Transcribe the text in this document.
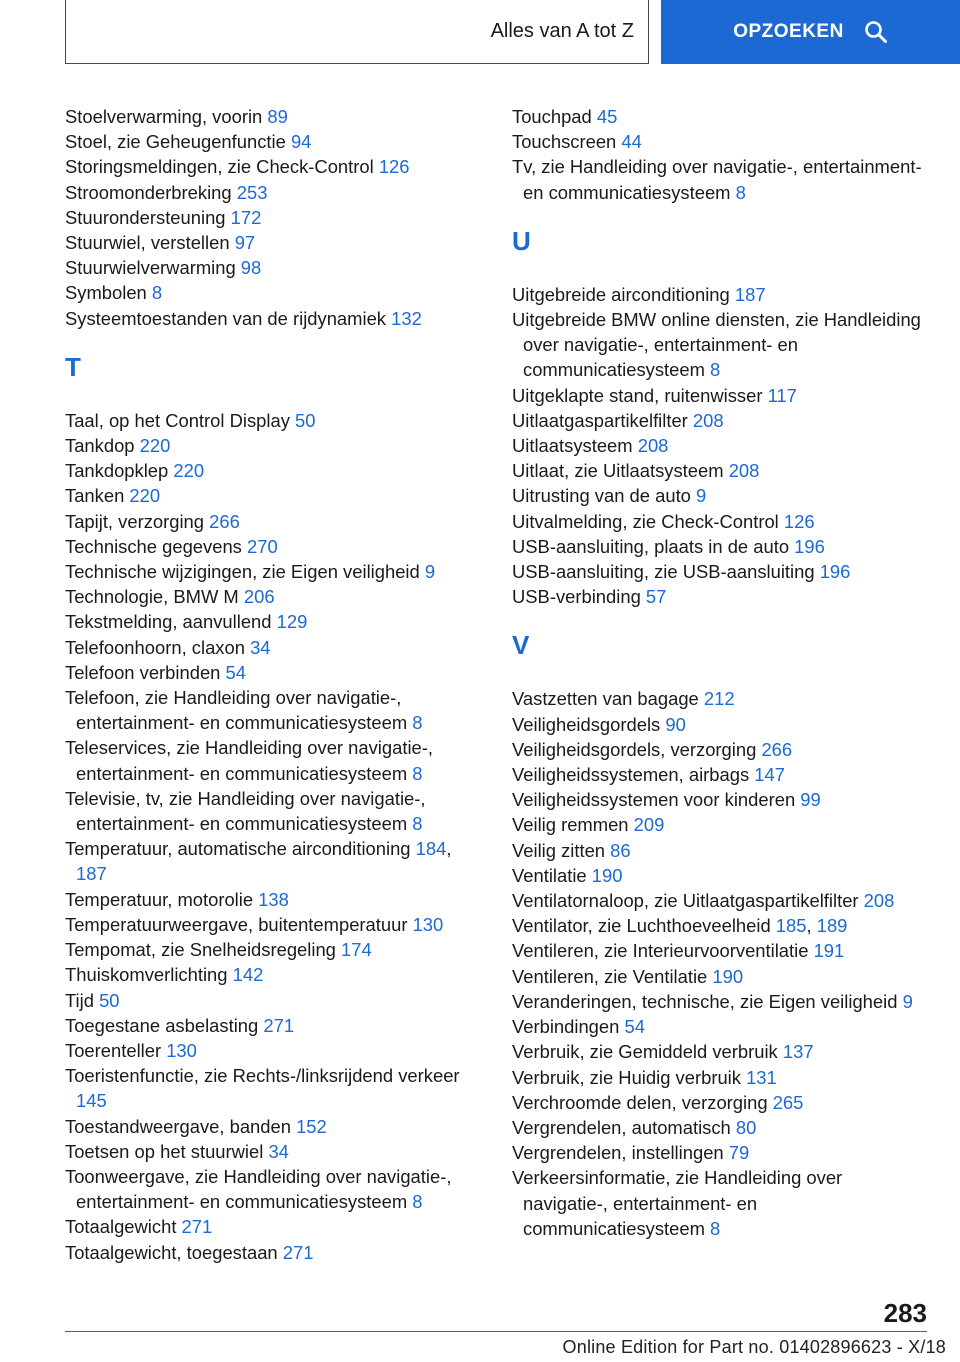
Alles van A tot Z	OPZOEKEN
Stoelverwarming, voorin 89
Stoel, zie Geheugenfunctie 94
Storingsmeldingen, zie Check-Control 126
Stroomonderbreking 253
Stuurondersteuning 172
Stuurwiel, verstellen 97
Stuurwielverwarming 98
Symbolen 8
Systeemtoestanden van de rijdynamiek 132
T
Taal, op het Control Display 50
Tankdop 220
Tankdopklep 220
Tanken 220
Tapijt, verzorging 266
Technische gegevens 270
Technische wijzigingen, zie Eigen veiligheid 9
Technologie, BMW M 206
Tekstmelding, aanvullend 129
Telefoonhoorn, claxon 34
Telefoon verbinden 54
Telefoon, zie Handleiding over navigatie-, entertainment- en communicatiesysteem 8
Teleservices, zie Handleiding over navigatie-, entertainment- en communicatiesysteem 8
Televisie, tv, zie Handleiding over navigatie-, entertainment- en communicatiesysteem 8
Temperatuur, automatische airconditioning 184, 187
Temperatuur, motorolie 138
Temperatuurweergave, buitentemperatuur 130
Tempomat, zie Snelheidsregeling 174
Thuiskomverlichting 142
Tijd 50
Toegestane asbelasting 271
Toerenteller 130
Toeristenfunctie, zie Rechts-/linksrijdend verkeer 145
Toestandweergave, banden 152
Toetsen op het stuurwiel 34
Toonweergave, zie Handleiding over navigatie-, entertainment- en communicatiesysteem 8
Totaalgewicht 271
Totaalgewicht, toegestaan 271
Touchpad 45
Touchscreen 44
Tv, zie Handleiding over navigatie-, entertainment- en communicatiesysteem 8
U
Uitgebreide airconditioning 187
Uitgebreide BMW online diensten, zie Handleiding over navigatie-, entertainment- en communicatiesysteem 8
Uitgeklapte stand, ruitenwisser 117
Uitlaatgaspartikelfilter 208
Uitlaatsysteem 208
Uitlaat, zie Uitlaatsysteem 208
Uitrusting van de auto 9
Uitvalmelding, zie Check-Control 126
USB-aansluiting, plaats in de auto 196
USB-aansluiting, zie USB-aansluiting 196
USB-verbinding 57
V
Vastzetten van bagage 212
Veiligheidsgordels 90
Veiligheidsgordels, verzorging 266
Veiligheidssystemen, airbags 147
Veiligheidssystemen voor kinderen 99
Veilig remmen 209
Veilig zitten 86
Ventilatie 190
Ventilatornaloop, zie Uitlaatgaspartikelfilter 208
Ventilator, zie Luchthoeveelheid 185, 189
Ventileren, zie Interieurvoorventilatie 191
Ventileren, zie Ventilatie 190
Veranderingen, technische, zie Eigen veiligheid 9
Verbindingen 54
Verbruik, zie Gemiddeld verbruik 137
Verbruik, zie Huidig verbruik 131
Verchroomde delen, verzorging 265
Vergrendelen, automatisch 80
Vergrendelen, instellingen 79
Verkeersinformatie, zie Handleiding over navigatie-, entertainment- en communicatiesysteem 8
283
Online Edition for Part no. 01402896623 - X/18
